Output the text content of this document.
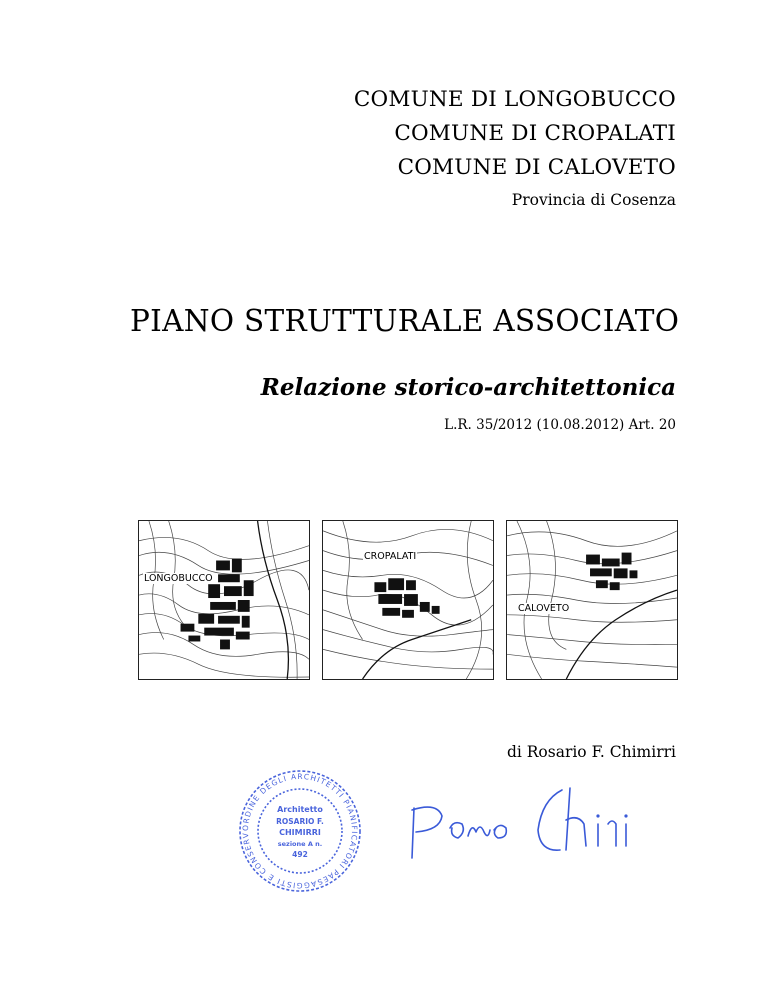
COMUNE DI LONGOBUCCO
COMUNE DI CROPALATI
COMUNE DI CALOVETO
Provincia di Cosenza
PIANO STRUTTURALE ASSOCIATO
Relazione storico-architettonica
L.R. 35/2012 (10.08.2012) Art. 20
LONGOBUCCO
CROPALATI
CALOVETO
di Rosario F. Chimirri
ORDINE DEGLI ARCHITETTI PIANIFICATORI PAESAGGISTI E CONSERV
Architetto
ROSARIO F.
CHIMIRRI
sezione A n.
492
